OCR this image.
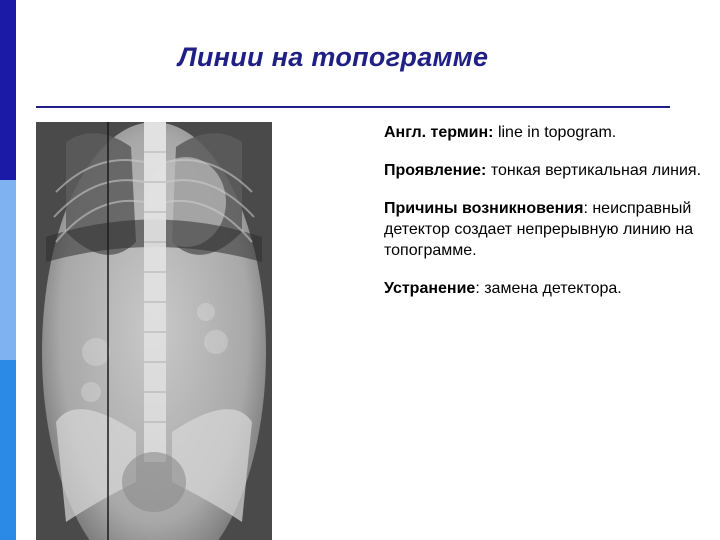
Линии на топограмме

Англ. термин: line in topogram.

Проявление: тонкая вертикальная линия.

Причины возникновения: неисправный детектор создает непрерывную линию на топограмме.

Устранение: замена детектора.
